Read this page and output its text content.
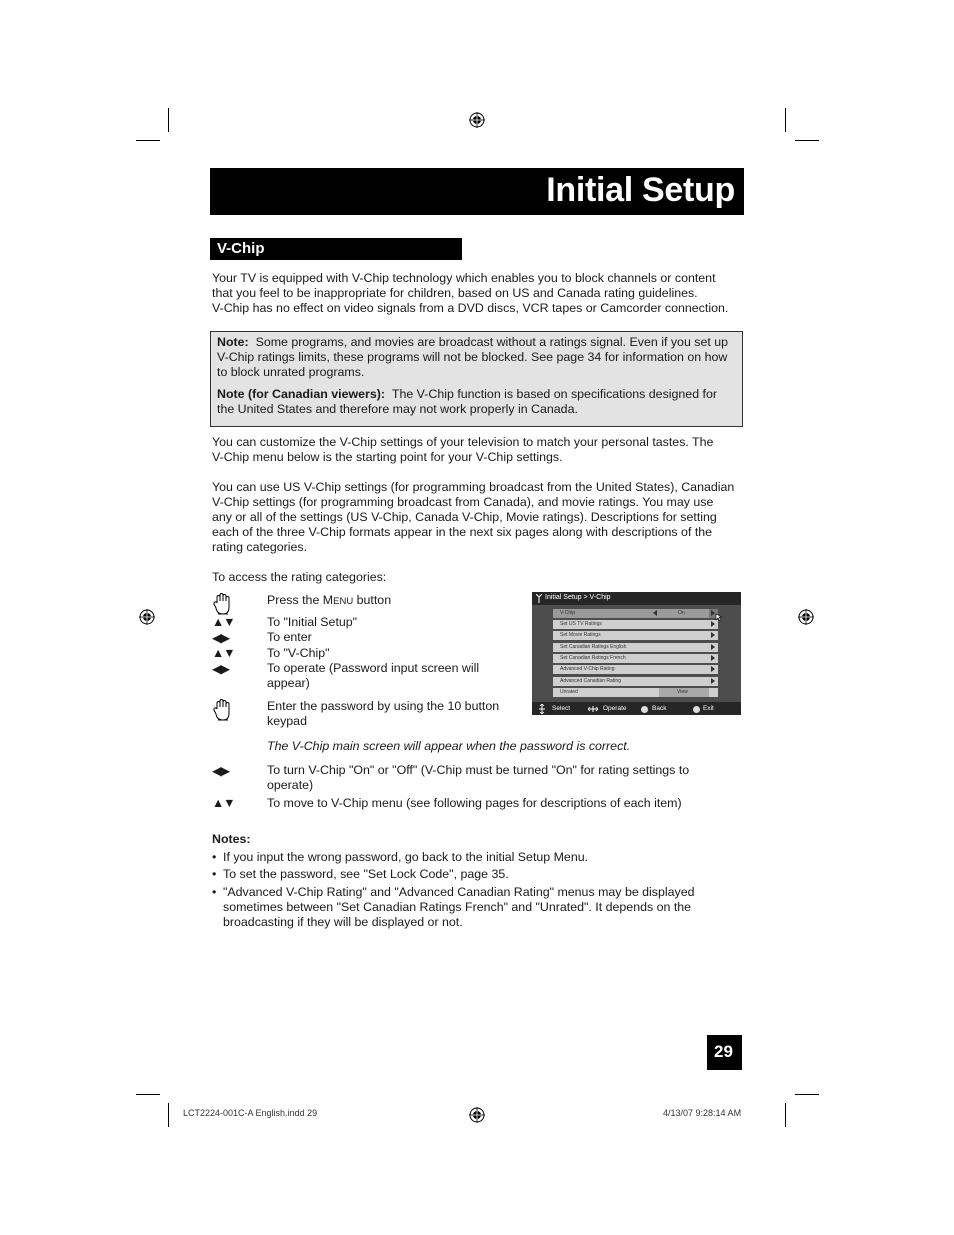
Initial Setup
V-Chip
Your TV is equipped with V-Chip technology which enables you to block channels or content
that you feel to be inappropriate for children, based on US and Canada rating guidelines.
V-Chip has no effect on video signals from a DVD discs, VCR tapes or Camcorder connection.

Note: Some programs, and movies are broadcast without a ratings signal. Even if you set up
V-Chip ratings limits, these programs will not be blocked. See page 34 for information on how
to block unrated programs.

Note (for Canadian viewers): The V-Chip function is based on specifications designed for
the United States and therefore may not work properly in Canada.

You can customize the V-Chip settings of your television to match your personal tastes. The
V-Chip menu below is the starting point for your V-Chip settings.
You can use US V-Chip settings (for programming broadcast from the United States), Canadian
V-Chip settings (for programming broadcast from Canada), and movie ratings. You may use
any or all of the settings (US V-Chip, Canada V-Chip, Movie ratings). Descriptions for setting
each of the three V-Chip formats appear in the next six pages along with descriptions of the
rating categories.
To access the rating categories:
Press the MENU button
▲▼	To "Initial Setup"
◀▶	To enter
▲▼	To "V-Chip"
◀▶	To operate (Password input screen will
appear)
Enter the password by using the 10 button
keypad
The V-Chip main screen will appear when the password is correct.
◀▶	To turn V-Chip "On" or "Off" (V-Chip must be turned "On" for rating settings to
operate)
▲▼	To move to V-Chip menu (see following pages for descriptions of each item)
Initial Setup > V-Chip
V-Chip	On
Set US TV Ratings
Set Movie Ratings
Set Canadian Ratings English
Set Canadian Ratings French
Advanced V-Chip Rating
Advanced Canadian Rating
Unrated	View
Select	Operate	Back	Exit
Notes:
• If you input the wrong password, go back to the initial Setup Menu.
• To set the password, see "Set Lock Code", page 35.
• "Advanced V-Chip Rating" and "Advanced Canadian Rating" menus may be displayed
sometimes between "Set Canadian Ratings French" and "Unrated". It depends on the
broadcasting if they will be displayed or not.
29
LCT2224-001C-A English.indd 29	4/13/07 9:28:14 AM
